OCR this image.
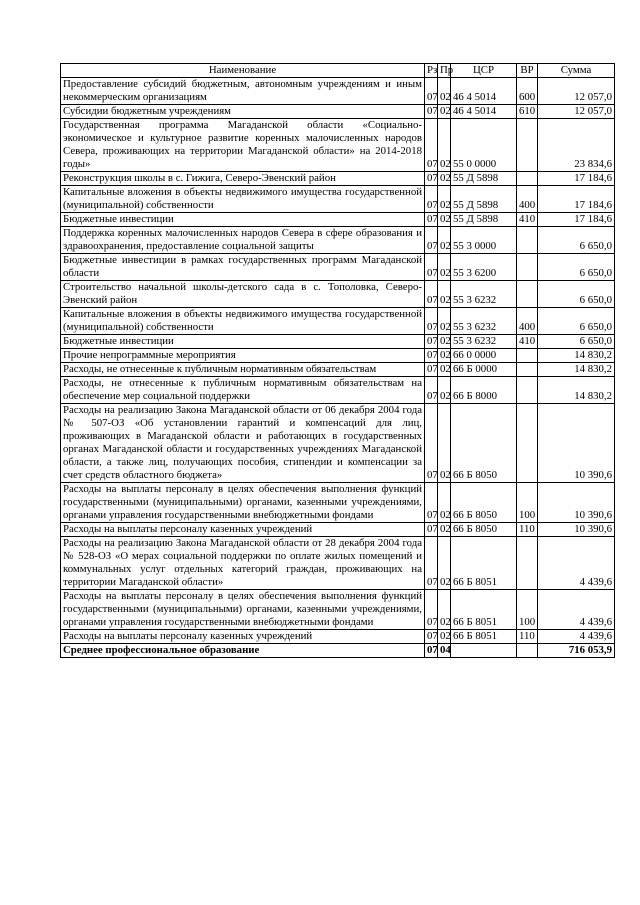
Наименование	Рз	Пр	ЦСР	ВР	Сумма
Предоставление субсидий бюджетным, автономным учреждениям и иным некоммерческим организациям	07	02	46 4 5014	600	12 057,0
Субсидии бюджетным учреждениям	07	02	46 4 5014	610	12 057,0
Государственная программа Магаданской области «Социально-экономическое и культурное развитие коренных малочисленных народов Севера, проживающих на территории Магаданской области» на 2014-2018 годы»	07	02	55 0 0000		23 834,6
Реконструкция школы в с. Гижига, Северо-Эвенский район	07	02	55 Д 5898		17 184,6
Капитальные вложения в объекты недвижимого имущества государственной (муниципальной) собственности	07	02	55 Д 5898	400	17 184,6
Бюджетные инвестиции	07	02	55 Д 5898	410	17 184,6
Поддержка коренных малочисленных народов Севера в сфере образования и здравоохранения, предоставление социальной защиты	07	02	55 3 0000		6 650,0
Бюджетные инвестиции в рамках государственных программ Магаданской области	07	02	55 3 6200		6 650,0
Строительство начальной школы-детского сада в с. Тополовка, Северо-Эвенский район	07	02	55 3 6232		6 650,0
Капитальные вложения в объекты недвижимого имущества государственной (муниципальной) собственности	07	02	55 3 6232	400	6 650,0
Бюджетные инвестиции	07	02	55 3 6232	410	6 650,0
Прочие непрограммные мероприятия	07	02	66 0 0000		14 830,2
Расходы, не отнесенные к публичным нормативным обязательствам	07	02	66 Б 0000		14 830,2
Расходы, не отнесенные к публичным нормативным обязательствам на обеспечение мер социальной поддержки	07	02	66 Б 8000		14 830,2
Расходы на реализацию Закона Магаданской области от 06 декабря 2004 года № 507-ОЗ «Об установлении гарантий и компенсаций для лиц, проживающих в Магаданской области и работающих в государственных органах Магаданской области и государственных учреждениях Магаданской области, а также лиц, получающих пособия, стипендии и компенсации за счет средств областного бюджета»	07	02	66 Б 8050		10 390,6
Расходы на выплаты персоналу в целях обеспечения выполнения функций государственными (муниципальными) органами, казенными учреждениями, органами управления государственными внебюджетными фондами	07	02	66 Б 8050	100	10 390,6
Расходы на выплаты персоналу казенных учреждений	07	02	66 Б 8050	110	10 390,6
Расходы на реализацию Закона Магаданской области от 28 декабря 2004 года № 528-ОЗ «О мерах социальной поддержки по оплате жилых помещений и коммунальных услуг отдельных категорий граждан, проживающих на территории Магаданской области»	07	02	66 Б 8051		4 439,6
Расходы на выплаты персоналу в целях обеспечения выполнения функций государственными (муниципальными) органами, казенными учреждениями, органами управления государственными внебюджетными фондами	07	02	66 Б 8051	100	4 439,6
Расходы на выплаты персоналу казенных учреждений	07	02	66 Б 8051	110	4 439,6
Среднее профессиональное образование	07	04			716 053,9
